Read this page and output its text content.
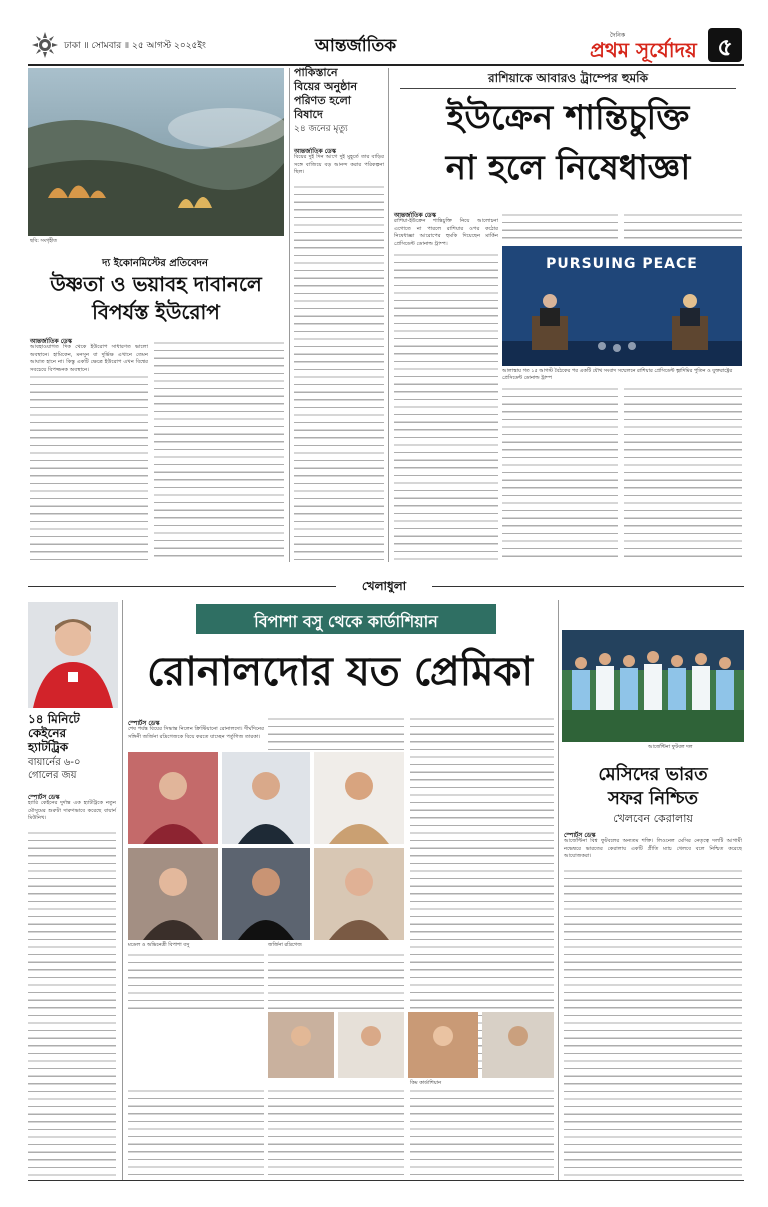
ঢাকা ॥ সোমবার ॥ ২৫ আগস্ট ২০২৫ইং	আন্তর্জাতিক
দৈনিক
প্রথম সূর্যোদয় ৫
ছবি: সংগৃহীত
দ্য ইকোনমিস্টের প্রতিবেদন
উষ্ণতা ও ভয়াবহ দাবানলে
বিপর্যস্ত ইউরোপ
আন্তর্জাতিক ডেস্ক
আবহাওয়াগত দিক থেকে ইউরোপ সাধারণত ভালো অবস্থানে। হামিকেন, মনসুন বা দুর্ভিক্ষ এখানে তেমন আঘাত হানে না। কিন্তু একটি ক্ষেত্রে ইউরোপ এখন বিশ্বের সবচেয়ে বিপজ্জনক অবস্থানে।
পাকিস্তানে
বিয়ের অনুষ্ঠান
পরিণত হলো
বিষাদে
২৪ জনের মৃত্যু
আন্তর্জাতিক ডেস্ক
বিয়ের দুই দিন আগে দুই মুহূর্তে তার বাড়ির সঙ্গে বাজিয়ে বড় আনন্দ করার পরিকল্পনা ছিল।
রাশিয়াকে আবারও ট্রাম্পের হুমকি
ইউক্রেন শান্তিচুক্তি
না হলে নিষেধাজ্ঞা
আন্তর্জাতিক ডেস্ক
রাশিয়া-ইউক্রেন শান্তিচুক্তি নিয়ে আলোচনা এগোতে না পারলে রাশিয়ার ওপর কঠোর নিষেধাজ্ঞা আরোপের হুমকি দিয়েছেন মার্কিন প্রেসিডেন্ট ডোনাল্ড ট্রাম্প।
PURSUING PEACE
আলাস্কায় গত ১৫ আগস্ট বৈঠকের পর একটি যৌথ সংবাদ সম্মেলনে রাশিয়ার প্রেসিডেন্ট ভ্লাদিমির পুতিন ও যুক্তরাষ্ট্রের প্রেসিডেন্ট ডোনাল্ড ট্রাম্প
খেলাধুলা
১৪ মিনিটে
কেইনের
হ্যাটট্রিক
বায়ার্নের ৬-০
গোলের জয়
স্পোর্টস ডেস্ক
হ্যারি কেইনের দুর্দান্ত এক হ্যাটট্রিকে নতুন মৌসুমের শুরুটা দারুণভাবে করেছে বায়ার্ন মিউনিখ।
বিপাশা বসু থেকে কার্ডাশিয়ান
রোনালদোর যত প্রেমিকা
স্পোর্টস ডেস্ক
শেষ পর্যন্ত বিয়ের সিদ্ধান্ত নিলেন ক্রিস্টিয়ানো রোনালদো। দীর্ঘদিনের সঙ্গিনী জর্জিনা রদ্রিগেজকে বিয়ে করতে যাচ্ছেন পর্তুগিজ তারকা।
মডেল ও অভিনেত্রী বিপাশা বসু	জর্জিনা রদ্রিগেজ
কিম কার্ডাশিয়ান
আর্জেন্টিনা ফুটবল দল
মেসিদের ভারত
সফর নিশ্চিত
খেলবেন কেরালায়
স্পোর্টস ডেস্ক
আর্জেন্টিনা বিশ্ব ফুটবলের অন্যতম শক্তি। লিওনেল মেসির নেতৃত্বে দলটি আগামী নভেম্বরে ভারতের কেরালায় একটি প্রীতি ম্যাচ খেলবে বলে নিশ্চিত করেছে আয়োজকরা।
